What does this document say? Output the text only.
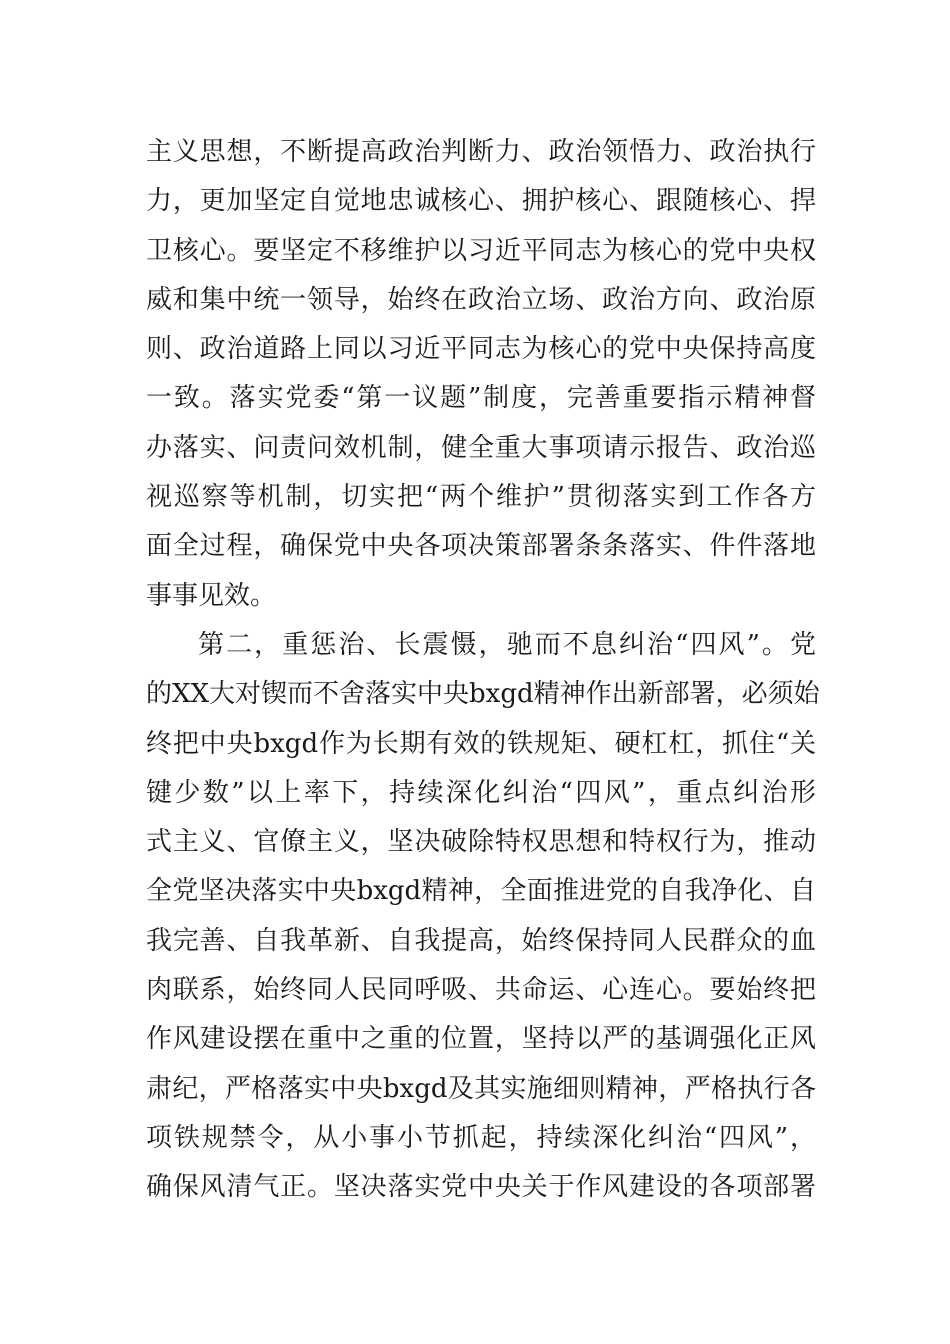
主义思想，不断提高政治判断力、政治领悟力、政治执行
力，更加坚定自觉地忠诚核心、拥护核心、跟随核心、捍
卫核心。要坚定不移维护以习近平同志为核心的党中央权
威和集中统一领导，始终在政治立场、政治方向、政治原
则、政治道路上同以习近平同志为核心的党中央保持高度
一致。落实党委“第一议题”制度，完善重要指示精神督
办落实、问责问效机制，健全重大事项请示报告、政治巡
视巡察等机制，切实把“两个维护”贯彻落实到工作各方
面全过程，确保党中央各项决策部署条条落实、件件落地
事事见效。
第二，重惩治、长震慑，驰而不息纠治“四风”。党
的XX大对锲而不舍落实中央bxgd精神作出新部署，必须始
终把中央bxgd作为长期有效的铁规矩、硬杠杠，抓住“关
键少数”以上率下，持续深化纠治“四风”，重点纠治形
式主义、官僚主义，坚决破除特权思想和特权行为，推动
全党坚决落实中央bxgd精神，全面推进党的自我净化、自
我完善、自我革新、自我提高，始终保持同人民群众的血
肉联系，始终同人民同呼吸、共命运、心连心。要始终把
作风建设摆在重中之重的位置，坚持以严的基调强化正风
肃纪，严格落实中央bxgd及其实施细则精神，严格执行各
项铁规禁令，从小事小节抓起，持续深化纠治“四风”，
确保风清气正。坚决落实党中央关于作风建设的各项部署
